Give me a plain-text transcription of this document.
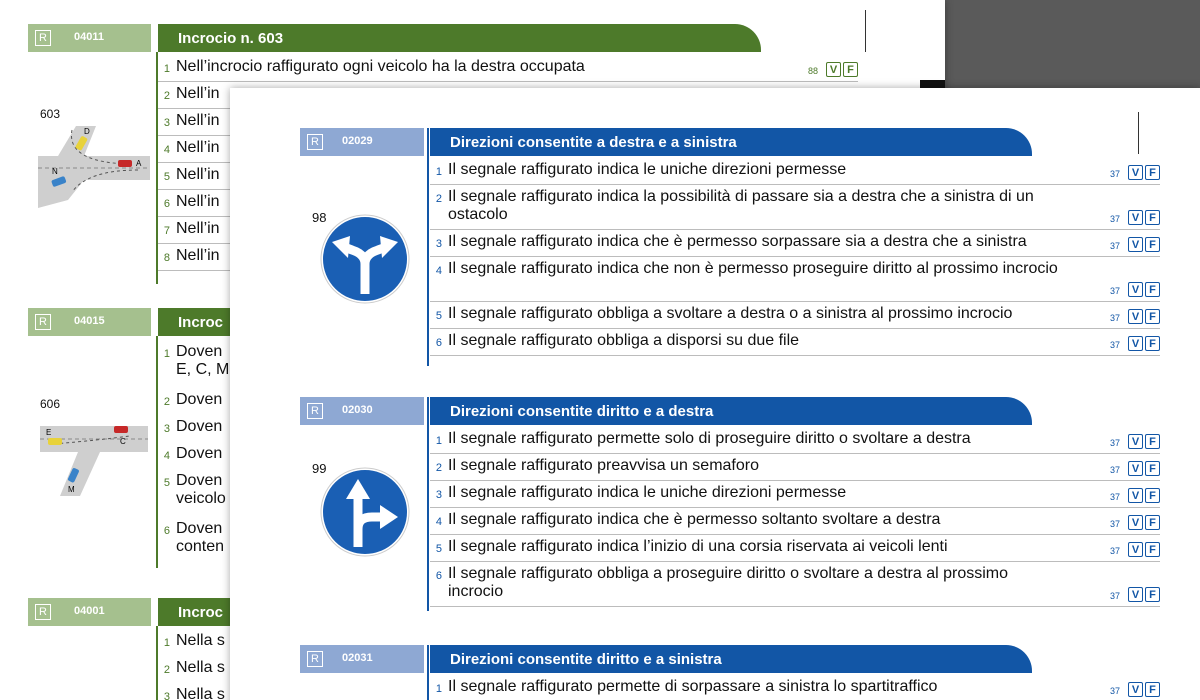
R	04011	Incrocio n. 603
1 Nell’incrocio raffigurato ogni veicolo ha la destra occupata	88	V F
2 Nell’in
3 Nell’in
4 Nell’in
5 Nell’in
6 Nell’in
7 Nell’in
8 Nell’in
603
D
A
N
R	04015	Incroc
1 Doven
E, C, M
2 Doven
3 Doven
4 Doven
5 Doven
veicolo
6 Doven
conten
606
E
C
M
R	04001	Incroc
1 Nella s
2 Nella s
3 Nella s
R	02029	Direzioni consentite a destra e a sinistra
1 Il segnale raffigurato indica le uniche direzioni permesse	37	V F
2 Il segnale raffigurato indica la possibilità di passare sia a destra che a sinistra di un ostacolo	37	V F
3 Il segnale raffigurato indica che è permesso sorpassare sia a destra che a sinistra	37	V F
4 Il segnale raffigurato indica che non è permesso proseguire diritto al prossimo incrocio
37	V F
5 Il segnale raffigurato obbliga a svoltare a destra o a sinistra al prossimo incrocio	37	V F
6 Il segnale raffigurato obbliga a disporsi su due file	37	V F
98
R	02030	Direzioni consentite diritto e a destra
1 Il segnale raffigurato permette solo di proseguire diritto o svoltare a destra	37	V F
2 Il segnale raffigurato preavvisa un semaforo	37	V F
3 Il segnale raffigurato indica le uniche direzioni permesse	37	V F
4 Il segnale raffigurato indica che è permesso soltanto svoltare a destra	37	V F
5 Il segnale raffigurato indica l’inizio di una corsia riservata ai veicoli lenti	37	V F
6 Il segnale raffigurato obbliga a proseguire diritto o svoltare a destra al prossimo incrocio	37	V F
99
R	02031	Direzioni consentite diritto e a sinistra
1 Il segnale raffigurato permette di sorpassare a sinistra lo spartitraffico	37	V F
